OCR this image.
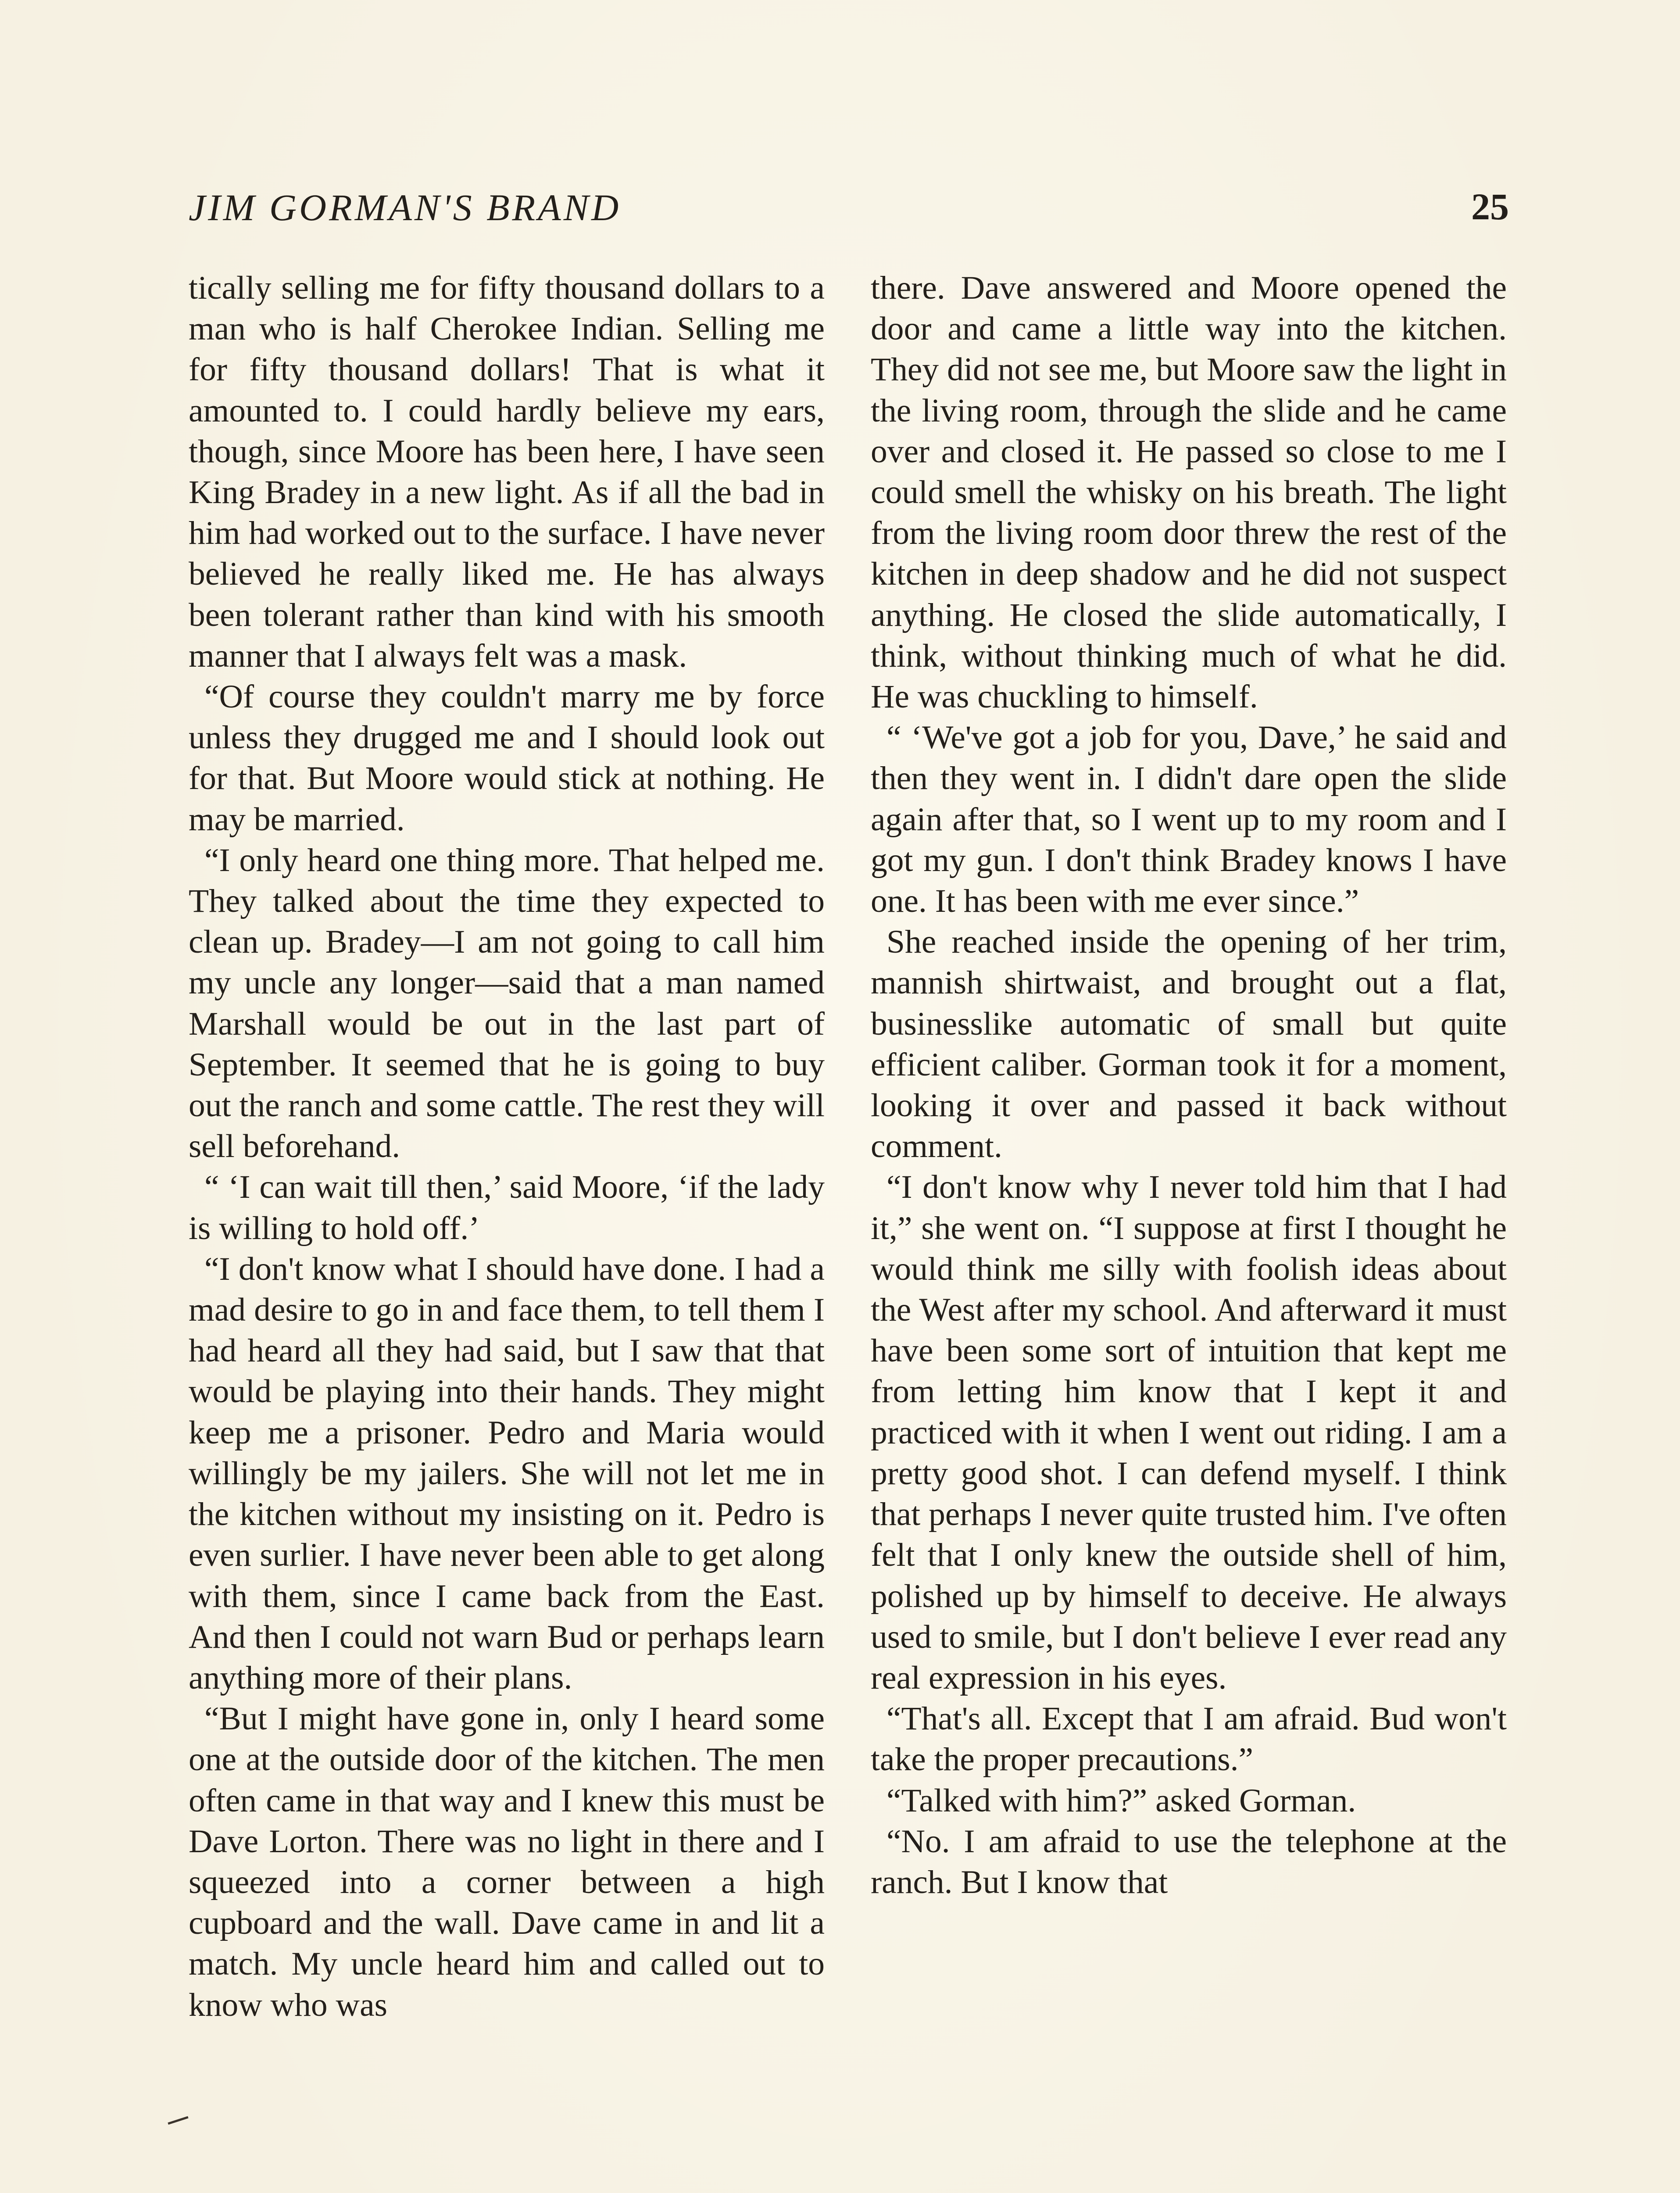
JIM GORMAN'S BRAND	25

tically selling me for fifty thousand dollars to a man who is half Cherokee Indian. Selling me for fifty thousand dollars! That is what it amounted to. I could hardly believe my ears, though, since Moore has been here, I have seen King Bradey in a new light. As if all the bad in him had worked out to the surface. I have never believed he really liked me. He has always been tolerant rather than kind with his smooth manner that I always felt was a mask.

“Of course they couldn't marry me by force unless they drugged me and I should look out for that. But Moore would stick at nothing. He may be married.

“I only heard one thing more. That helped me. They talked about the time they expected to clean up. Bradey—I am not going to call him my uncle any longer—said that a man named Marshall would be out in the last part of September. It seemed that he is going to buy out the ranch and some cattle. The rest they will sell beforehand.

“ ‘I can wait till then,’ said Moore, ‘if the lady is willing to hold off.’

“I don't know what I should have done. I had a mad desire to go in and face them, to tell them I had heard all they had said, but I saw that that would be playing into their hands. They might keep me a prisoner. Pedro and Maria would willingly be my jailers. She will not let me in the kitchen without my insisting on it. Pedro is even surlier. I have never been able to get along with them, since I came back from the East. And then I could not warn Bud or perhaps learn anything more of their plans.

“But I might have gone in, only I heard some one at the outside door of the kitchen. The men often came in that way and I knew this must be Dave Lorton. There was no light in there and I squeezed into a corner between a high cupboard and the wall. Dave came in and lit a match. My uncle heard him and called out to know who was

there. Dave answered and Moore opened the door and came a little way into the kitchen. They did not see me, but Moore saw the light in the living room, through the slide and he came over and closed it. He passed so close to me I could smell the whisky on his breath. The light from the living room door threw the rest of the kitchen in deep shadow and he did not suspect anything. He closed the slide automatically, I think, without thinking much of what he did. He was chuckling to himself.

“ ‘We've got a job for you, Dave,’ he said and then they went in. I didn't dare open the slide again after that, so I went up to my room and I got my gun. I don't think Bradey knows I have one. It has been with me ever since.”

She reached inside the opening of her trim, mannish shirtwaist, and brought out a flat, businesslike automatic of small but quite efficient caliber. Gorman took it for a moment, looking it over and passed it back without comment.

“I don't know why I never told him that I had it,” she went on. “I suppose at first I thought he would think me silly with foolish ideas about the West after my school. And afterward it must have been some sort of intuition that kept me from letting him know that I kept it and practiced with it when I went out riding. I am a pretty good shot. I can defend myself. I think that perhaps I never quite trusted him. I've often felt that I only knew the outside shell of him, polished up by himself to deceive. He always used to smile, but I don't believe I ever read any real expression in his eyes.

“That's all. Except that I am afraid. Bud won't take the proper precautions.”

“Talked with him?” asked Gorman.

“No. I am afraid to use the telephone at the ranch. But I know that
